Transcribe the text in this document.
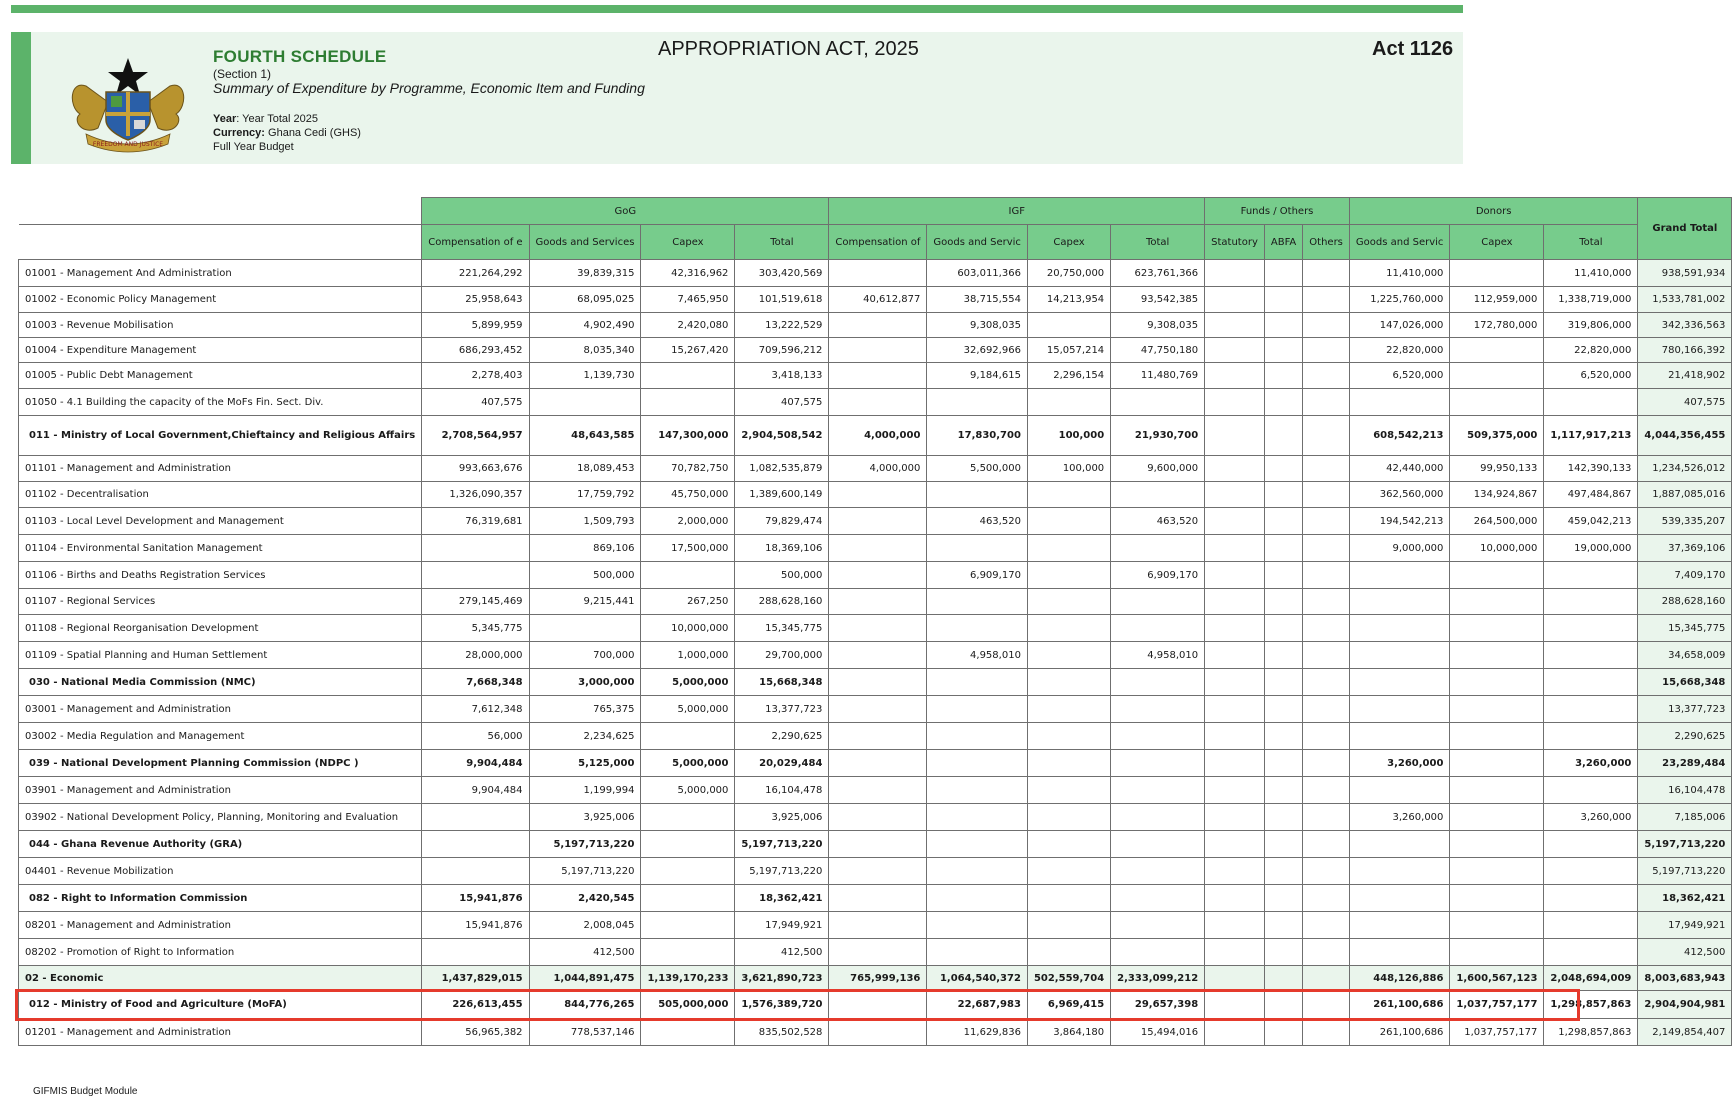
FREEDOM AND JUSTICE
FOURTH SCHEDULE
(Section 1)
Summary of Expenditure by Programme, Economic Item and Funding
Year: Year Total 2025
Currency: Ghana Cedi (GHS)
Full Year Budget
APPROPRIATION ACT, 2025	Act 1126
	GoG				IGF				Funds / Others			Donors			Grand Total
	Compensation of e	Goods and Services	Capex	Total	Compensation of	Goods and Servic	Capex	Total	Statutory	ABFA	Others	Goods and Servic	Capex	Total	
01001 - Management And Administration	221,264,292	39,839,315	42,316,962	303,420,569		603,011,366	20,750,000	623,761,366				11,410,000		11,410,000	938,591,934
01002 - Economic Policy Management	25,958,643	68,095,025	7,465,950	101,519,618	40,612,877	38,715,554	14,213,954	93,542,385				1,225,760,000	112,959,000	1,338,719,000	1,533,781,002
01003 - Revenue Mobilisation	5,899,959	4,902,490	2,420,080	13,222,529		9,308,035		9,308,035				147,026,000	172,780,000	319,806,000	342,336,563
01004 - Expenditure Management	686,293,452	8,035,340	15,267,420	709,596,212		32,692,966	15,057,214	47,750,180				22,820,000		22,820,000	780,166,392
01005 - Public Debt Management	2,278,403	1,139,730		3,418,133		9,184,615	2,296,154	11,480,769				6,520,000		6,520,000	21,418,902
01050 - 4.1 Building the capacity of the MoFs Fin. Sect. Div.	407,575			407,575											407,575
011 - Ministry of Local Government,Chieftaincy and Religious Affairs	2,708,564,957	48,643,585	147,300,000	2,904,508,542	4,000,000	17,830,700	100,000	21,930,700				608,542,213	509,375,000	1,117,917,213	4,044,356,455
01101 - Management and Administration	993,663,676	18,089,453	70,782,750	1,082,535,879	4,000,000	5,500,000	100,000	9,600,000				42,440,000	99,950,133	142,390,133	1,234,526,012
01102 - Decentralisation	1,326,090,357	17,759,792	45,750,000	1,389,600,149								362,560,000	134,924,867	497,484,867	1,887,085,016
01103 - Local Level Development and Management	76,319,681	1,509,793	2,000,000	79,829,474		463,520		463,520				194,542,213	264,500,000	459,042,213	539,335,207
01104 - Environmental Sanitation Management		869,106	17,500,000	18,369,106								9,000,000	10,000,000	19,000,000	37,369,106
01106 - Births and Deaths Registration Services		500,000		500,000		6,909,170		6,909,170							7,409,170
01107 - Regional Services	279,145,469	9,215,441	267,250	288,628,160											288,628,160
01108 - Regional Reorganisation Development	5,345,775		10,000,000	15,345,775											15,345,775
01109 - Spatial Planning and Human Settlement	28,000,000	700,000	1,000,000	29,700,000		4,958,010		4,958,010							34,658,009
030 - National Media Commission (NMC)	7,668,348	3,000,000	5,000,000	15,668,348											15,668,348
03001 - Management and Administration	7,612,348	765,375	5,000,000	13,377,723											13,377,723
03002 - Media Regulation and Management	56,000	2,234,625		2,290,625											2,290,625
039 - National Development Planning Commission (NDPC )	9,904,484	5,125,000	5,000,000	20,029,484								3,260,000		3,260,000	23,289,484
03901 - Management and Administration	9,904,484	1,199,994	5,000,000	16,104,478											16,104,478
03902 - National Development Policy, Planning, Monitoring and Evaluation		3,925,006		3,925,006								3,260,000		3,260,000	7,185,006
044 - Ghana Revenue Authority (GRA)		5,197,713,220		5,197,713,220											5,197,713,220
04401 - Revenue Mobilization		5,197,713,220		5,197,713,220											5,197,713,220
082 - Right to Information Commission	15,941,876	2,420,545		18,362,421											18,362,421
08201 - Management and Administration	15,941,876	2,008,045		17,949,921											17,949,921
08202 - Promotion of Right to Information		412,500		412,500											412,500
02 - Economic	1,437,829,015	1,044,891,475	1,139,170,233	3,621,890,723	765,999,136	1,064,540,372	502,559,704	2,333,099,212				448,126,886	1,600,567,123	2,048,694,009	8,003,683,943
012 - Ministry of Food and Agriculture (MoFA)	226,613,455	844,776,265	505,000,000	1,576,389,720		22,687,983	6,969,415	29,657,398				261,100,686	1,037,757,177	1,298,857,863	2,904,904,981
01201 - Management and Administration	56,965,382	778,537,146		835,502,528		11,629,836	3,864,180	15,494,016				261,100,686	1,037,757,177	1,298,857,863	2,149,854,407
GIFMIS Budget Module
